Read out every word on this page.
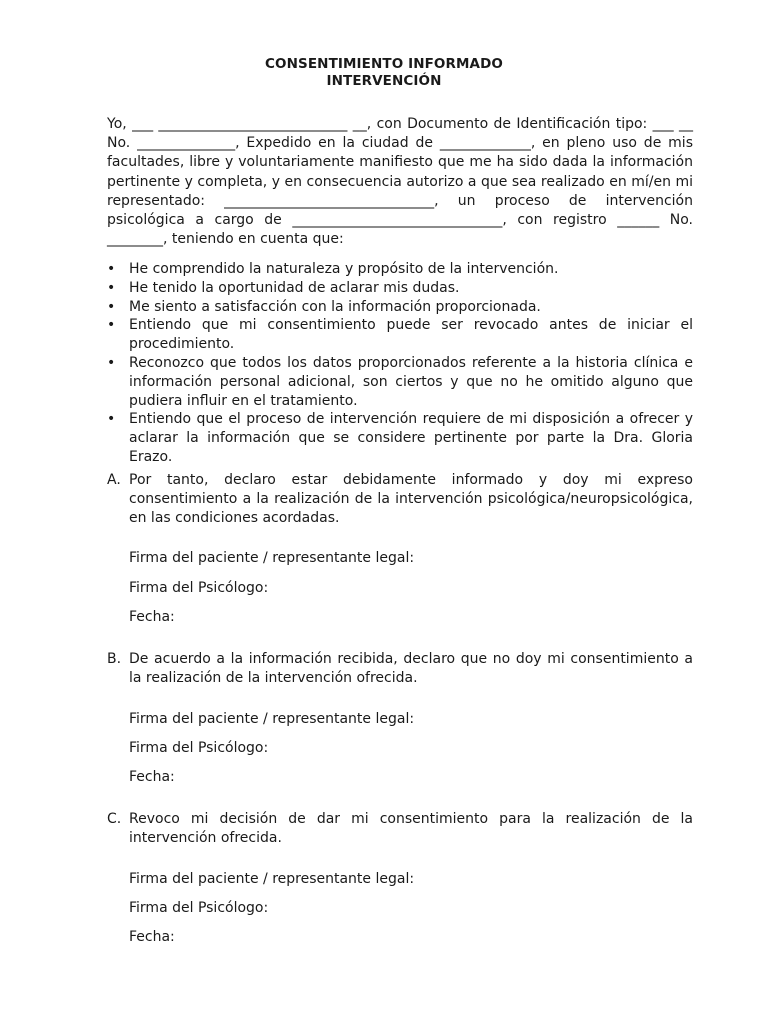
CONSENTIMIENTO INFORMADO

INTERVENCIÓN

Yo, ___ ___________________________ __, con Documento de Identificación tipo: ___ __ No. ______________, Expedido en la ciudad de _____________, en pleno uso de mis facultades, libre y voluntariamente manifiesto que me ha sido dada la información pertinente y completa, y en consecuencia autorizo a que sea realizado en mí/en mi representado: ______________________________, un proceso de intervención psicológica a cargo de ______________________________, con registro ______ No. ________, teniendo en cuenta que:

• He comprendido la naturaleza y propósito de la intervención.
• He tenido la oportunidad de aclarar mis dudas.
• Me siento a satisfacción con la información proporcionada.
• Entiendo que mi consentimiento puede ser revocado antes de iniciar el procedimiento.
• Reconozco que todos los datos proporcionados referente a la historia clínica e información personal adicional, son ciertos y que no he omitido alguno que pudiera influir en el tratamiento.
• Entiendo que el proceso de intervención requiere de mi disposición a ofrecer y aclarar la información que se considere pertinente por parte la Dra. Gloria Erazo.
A. Por tanto, declaro estar debidamente informado y doy mi expreso consentimiento a la realización de la intervención psicológica/neuropsicológica, en las condiciones acordadas.

Firma del paciente / representante legal:

Firma del Psicólogo:

Fecha:

B. De acuerdo a la información recibida, declaro que no doy mi consentimiento a la realización de la intervención ofrecida.

Firma del paciente / representante legal:

Firma del Psicólogo:

Fecha:

C. Revoco mi decisión de dar mi consentimiento para la realización de la intervención ofrecida.

Firma del paciente / representante legal:

Firma del Psicólogo:

Fecha:
